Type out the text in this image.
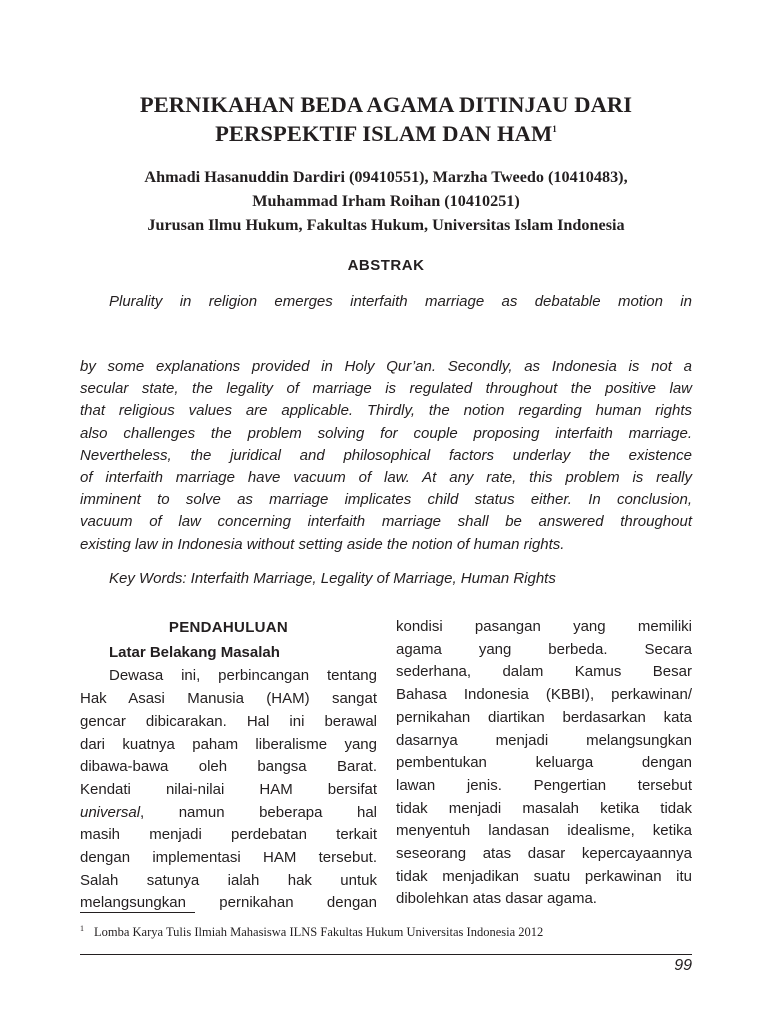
PERNIKAHAN BEDA AGAMA DITINJAU DARI
PERSPEKTIF ISLAM DAN HAM$^1$
Ahmadi Hasanuddin Dardiri (09410551), Marzha Tweedo (10410483),
Muhammad Irham Roihan (10410251)
Jurusan Ilmu Hukum, Fakultas Hukum, Universitas Islam Indonesia
ABSTRAK
Plurality in religion emerges interfaith marriage as debatable motion in
by some explanations provided in Holy Qur’an. Secondly, as Indonesia is not a
secular state, the legality of marriage is regulated throughout the positive law
that religious values are applicable. Thirdly, the notion regarding human rights
also challenges the problem solving for couple proposing interfaith marriage.
Nevertheless, the juridical and philosophical factors underlay the existence
of interfaith marriage have vacuum of law. At any rate, this problem is really
imminent to solve as marriage implicates child status either. In conclusion,
vacuum of law concerning interfaith marriage shall be answered throughout
existing law in Indonesia without setting aside the notion of human rights.
Key Words: Interfaith Marriage, Legality of Marriage, Human Rights
PENDAHULUAN
Latar Belakang Masalah
Dewasa ini, perbincangan tentang
Hak Asasi Manusia (HAM) sangat
gencar dibicarakan. Hal ini berawal
dari kuatnya paham liberalisme yang
dibawa-bawa oleh bangsa Barat.
Kendati nilai-nilai HAM bersifat
universal, namun beberapa hal
masih menjadi perdebatan terkait
dengan implementasi HAM tersebut.
Salah satunya ialah hak untuk
melangsungkan pernikahan dengan
kondisi pasangan yang memiliki
agama yang berbeda. Secara
sederhana, dalam Kamus Besar
Bahasa Indonesia (KBBI), perkawinan/
pernikahan diartikan berdasarkan kata
dasarnya menjadi melangsungkan
pembentukan keluarga dengan
lawan jenis. Pengertian tersebut
tidak menjadi masalah ketika tidak
menyentuh landasan idealisme, ketika
seseorang atas dasar kepercayaannya
tidak menjadikan suatu perkawinan itu
dibolehkan atas dasar agama.
$^1$ Lomba Karya Tulis Ilmiah Mahasiswa ILNS Fakultas Hukum Universitas Indonesia 2012
99
